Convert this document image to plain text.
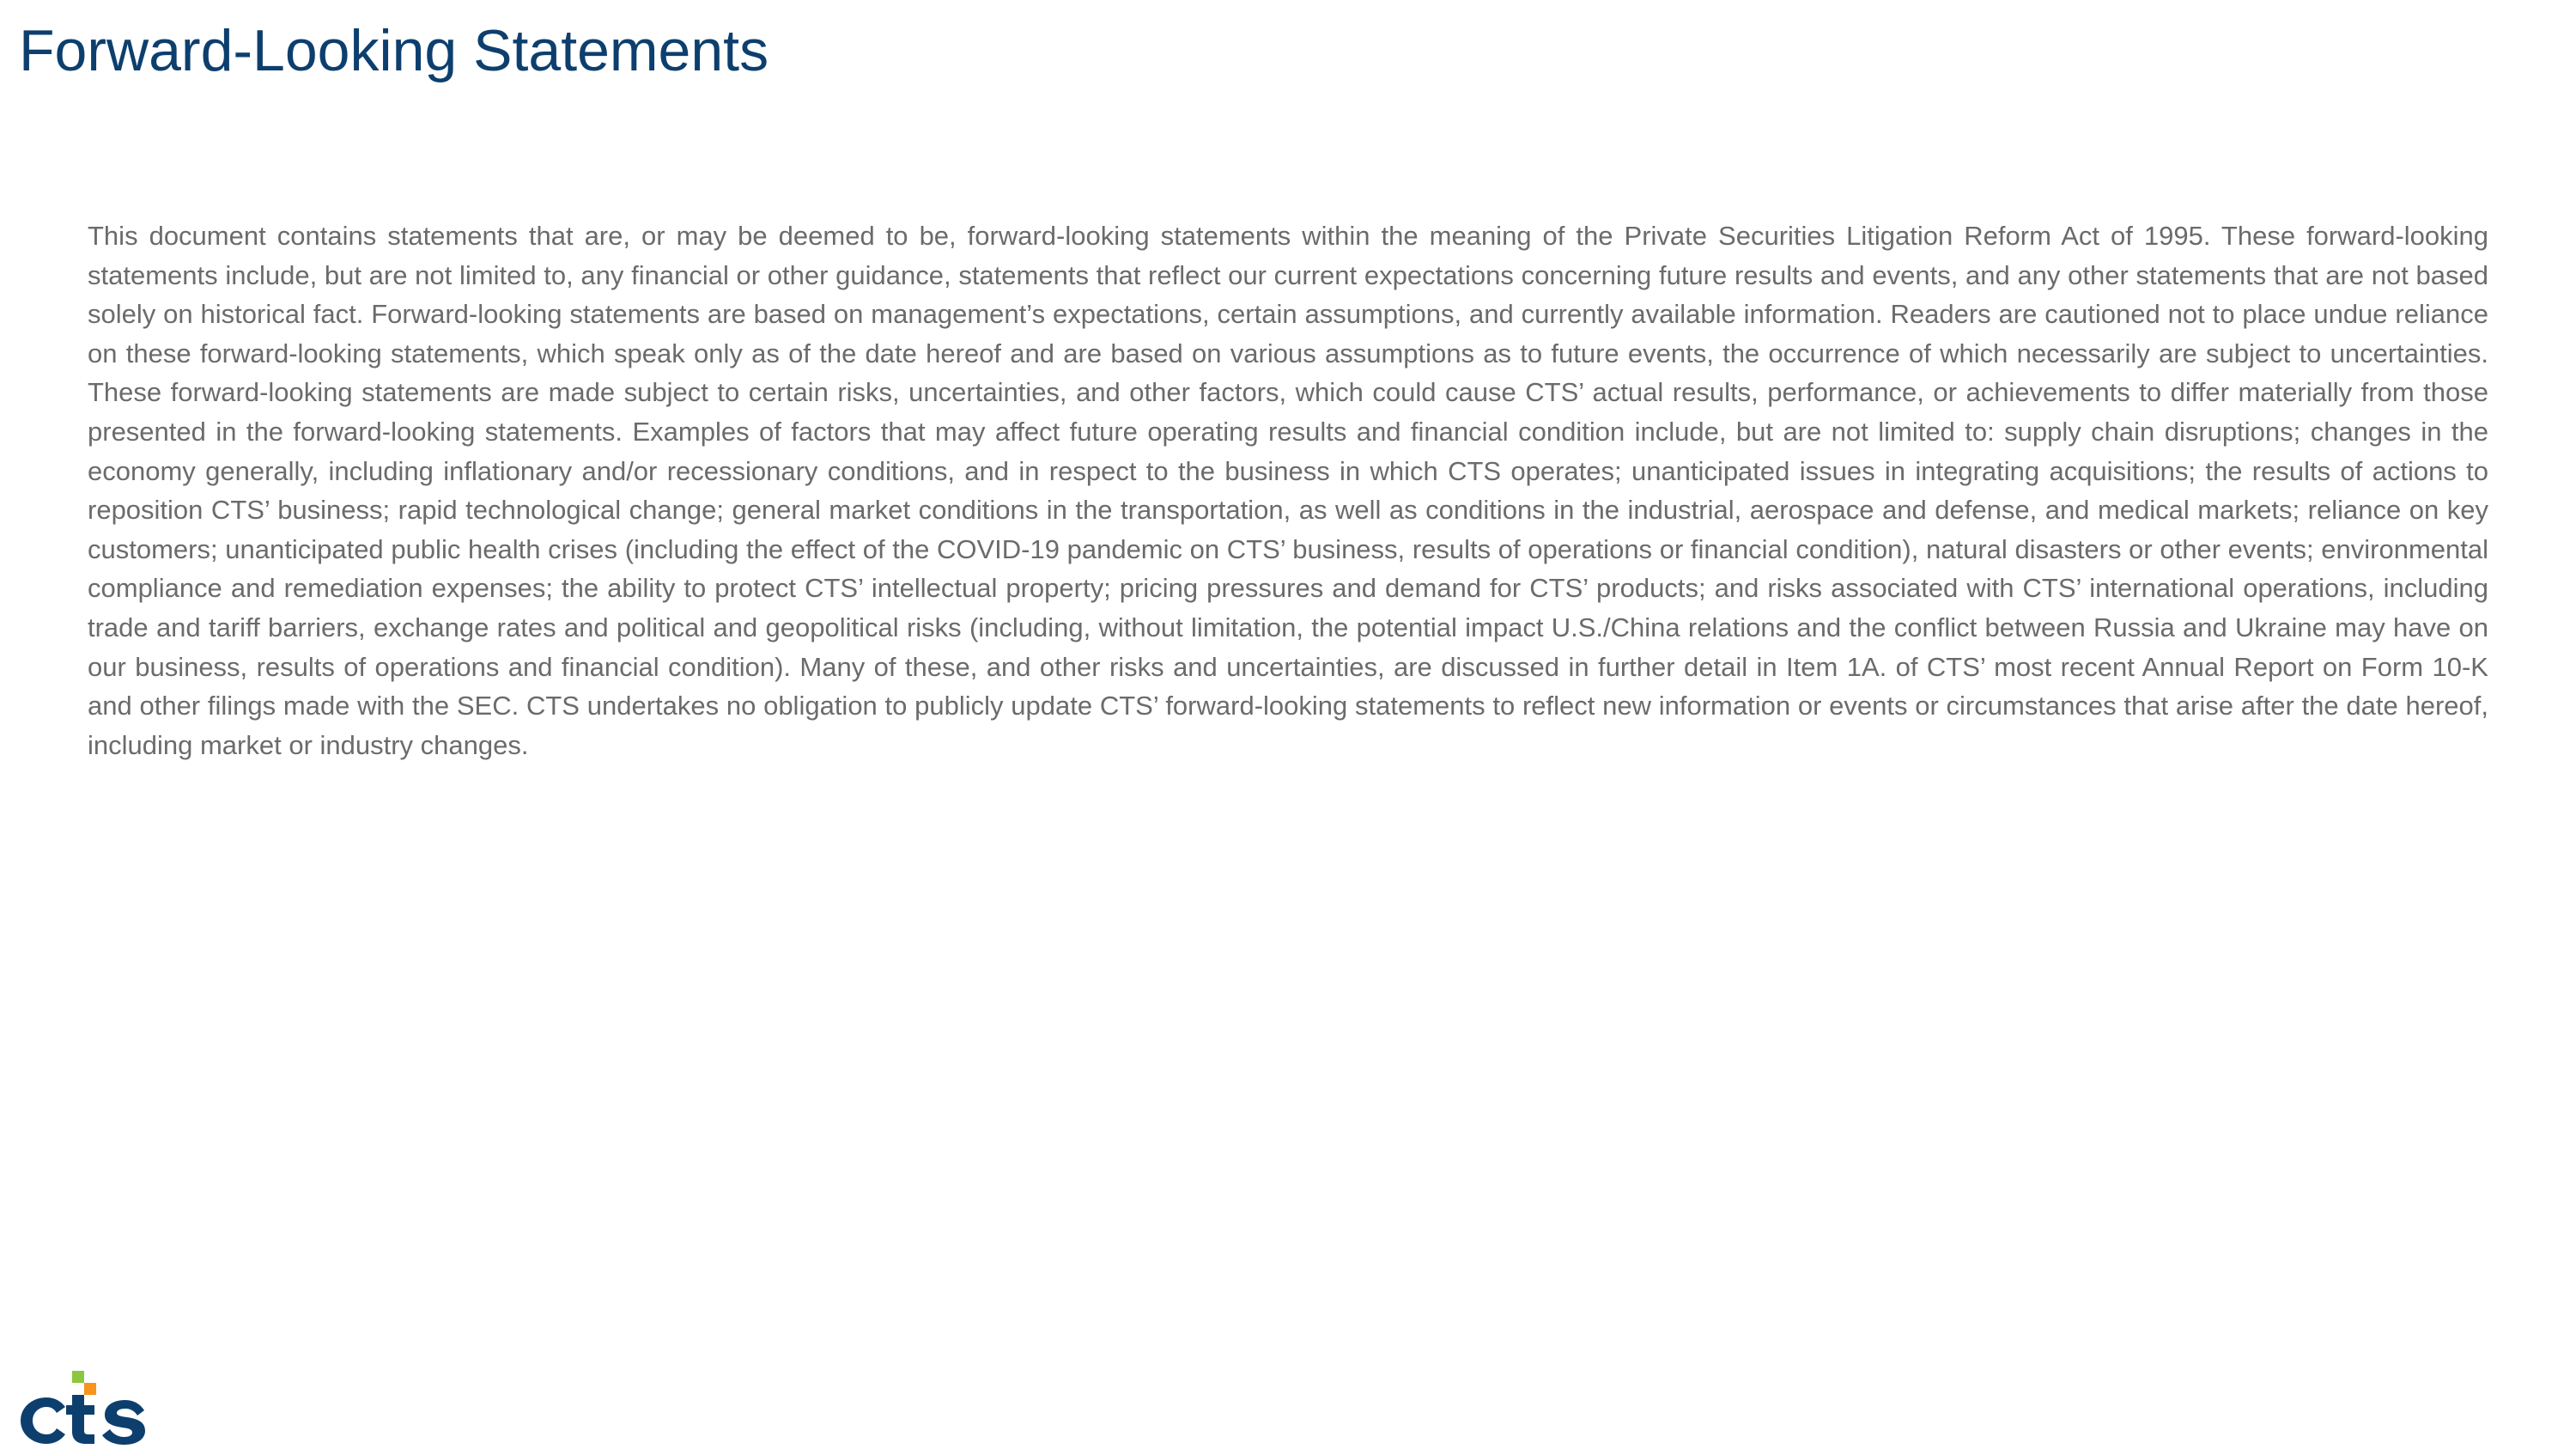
Forward-Looking Statements

This document contains statements that are, or may be deemed to be, forward-looking statements within the meaning of the Private Securities Litigation Reform Act of 1995. These forward-looking statements include, but are not limited to, any financial or other guidance, statements that reflect our current expectations concerning future results and events, and any other statements that are not based solely on historical fact. Forward-looking statements are based on management’s expectations, certain assumptions, and currently available information. Readers are cautioned not to place undue reliance on these forward-looking statements, which speak only as of the date hereof and are based on various assumptions as to future events, the occurrence of which necessarily are subject to uncertainties. These forward-looking statements are made subject to certain risks, uncertainties, and other factors, which could cause CTS’ actual results, performance, or achievements to differ materially from those presented in the forward-looking statements. Examples of factors that may affect future operating results and financial condition include, but are not limited to: supply chain disruptions; changes in the economy generally, including inflationary and/or recessionary conditions, and in respect to the business in which CTS operates; unanticipated issues in integrating acquisitions; the results of actions to reposition CTS’ business; rapid technological change; general market conditions in the transportation, as well as conditions in the industrial, aerospace and defense, and medical markets; reliance on key customers; unanticipated public health crises (including the effect of the COVID-19 pandemic on CTS’ business, results of operations or financial condition), natural disasters or other events; environmental compliance and remediation expenses; the ability to protect CTS’ intellectual property; pricing pressures and demand for CTS’ products; and risks associated with CTS’ international operations, including trade and tariff barriers, exchange rates and political and geopolitical risks (including, without limitation, the potential impact U.S./China relations and the conflict between Russia and Ukraine may have on our business, results of operations and financial condition). Many of these, and other risks and uncertainties, are discussed in further detail in Item 1A. of CTS’ most recent Annual Report on Form 10-K and other filings made with the SEC. CTS undertakes no obligation to publicly update CTS’ forward-looking statements to reflect new information or events or circumstances that arise after the date hereof, including market or industry changes.
